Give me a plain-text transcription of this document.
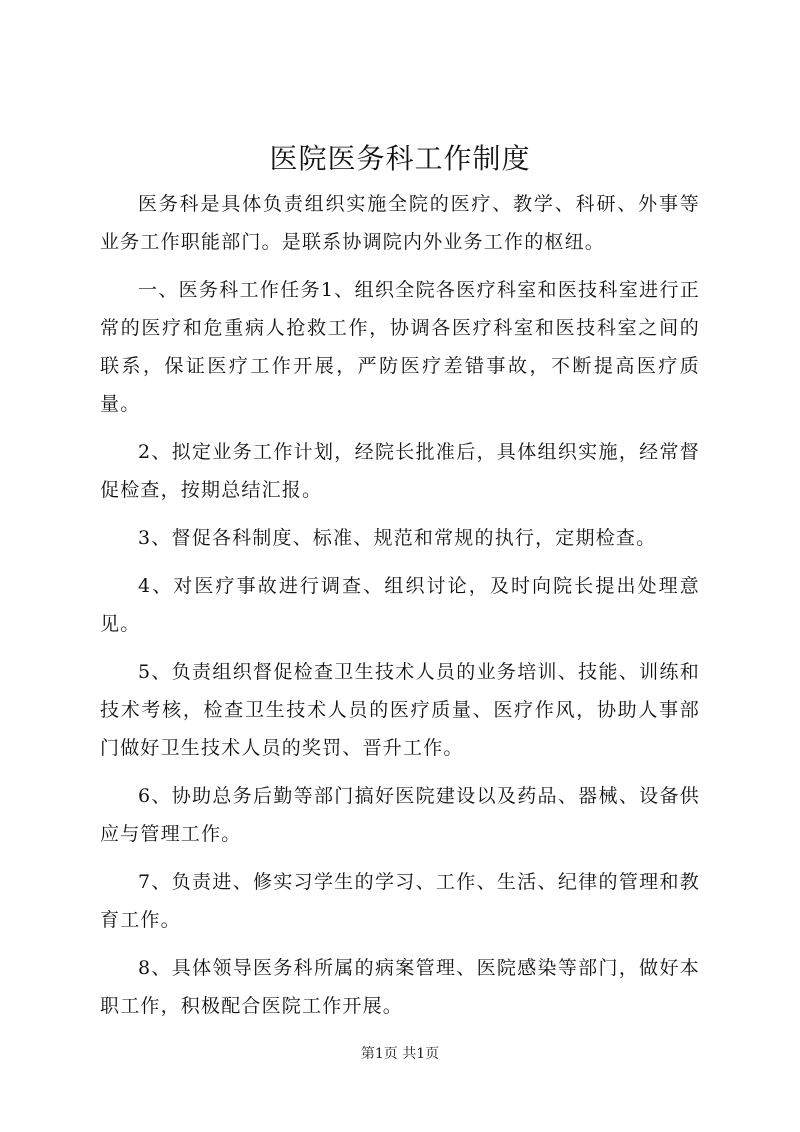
医院医务科工作制度

医务科是具体负责组织实施全院的医疗、教学、科研、外事等业务工作职能部门。是联系协调院内外业务工作的枢纽。

一、医务科工作任务1、组织全院各医疗科室和医技科室进行正常的医疗和危重病人抢救工作，协调各医疗科室和医技科室之间的联系，保证医疗工作开展，严防医疗差错事故，不断提高医疗质量。

2、拟定业务工作计划，经院长批准后，具体组织实施，经常督促检查，按期总结汇报。

3、督促各科制度、标准、规范和常规的执行，定期检查。

4、对医疗事故进行调查、组织讨论，及时向院长提出处理意见。

5、负责组织督促检查卫生技术人员的业务培训、技能、训练和技术考核，检查卫生技术人员的医疗质量、医疗作风，协助人事部门做好卫生技术人员的奖罚、晋升工作。

6、协助总务后勤等部门搞好医院建设以及药品、器械、设备供应与管理工作。

7、负责进、修实习学生的学习、工作、生活、纪律的管理和教育工作。

8、具体领导医务科所属的病案管理、医院感染等部门，做好本职工作，积极配合医院工作开展。

第1页 共1页
